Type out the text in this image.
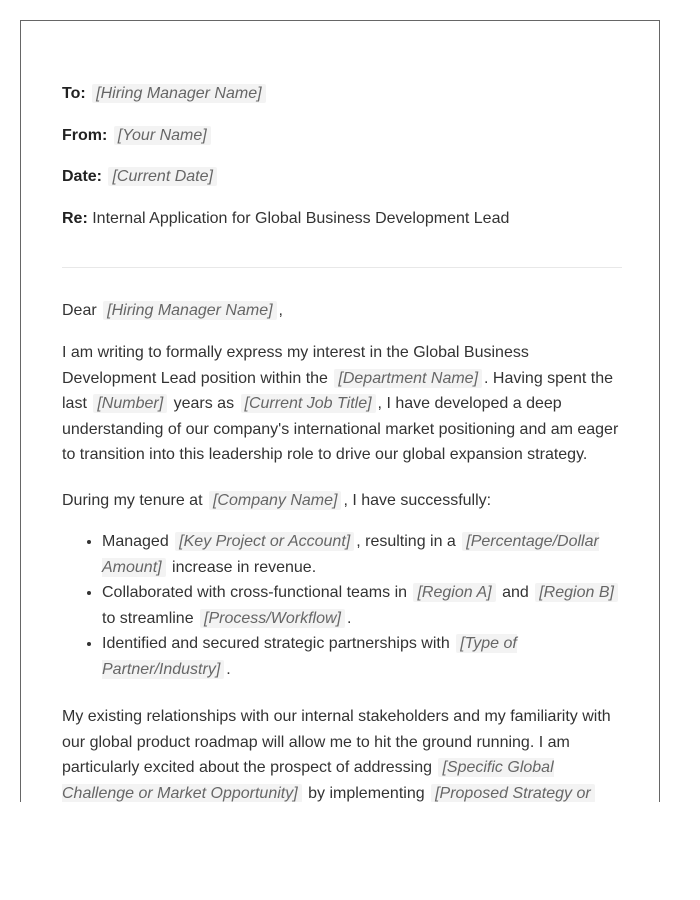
To: [Hiring Manager Name]
From: [Your Name]
Date: [Current Date]
Re: Internal Application for Global Business Development Lead

Dear [Hiring Manager Name] ,

I am writing to formally express my interest in the Global Business Development Lead position within the [Department Name] . Having spent the last [Number] years as [Current Job Title] , I have developed a deep understanding of our company's international market positioning and am eager to transition into this leadership role to drive our global expansion strategy.

During my tenure at [Company Name] , I have successfully:

• Managed [Key Project or Account] , resulting in a [Percentage/Dollar Amount] increase in revenue.
• Collaborated with cross-functional teams in [Region A] and [Region B] to streamline [Process/Workflow] .
• Identified and secured strategic partnerships with [Type of Partner/Industry] .

My existing relationships with our internal stakeholders and my familiarity with our global product roadmap will allow me to hit the ground running. I am particularly excited about the prospect of addressing [Specific Global Challenge or Market Opportunity] by implementing [Proposed Strategy or
